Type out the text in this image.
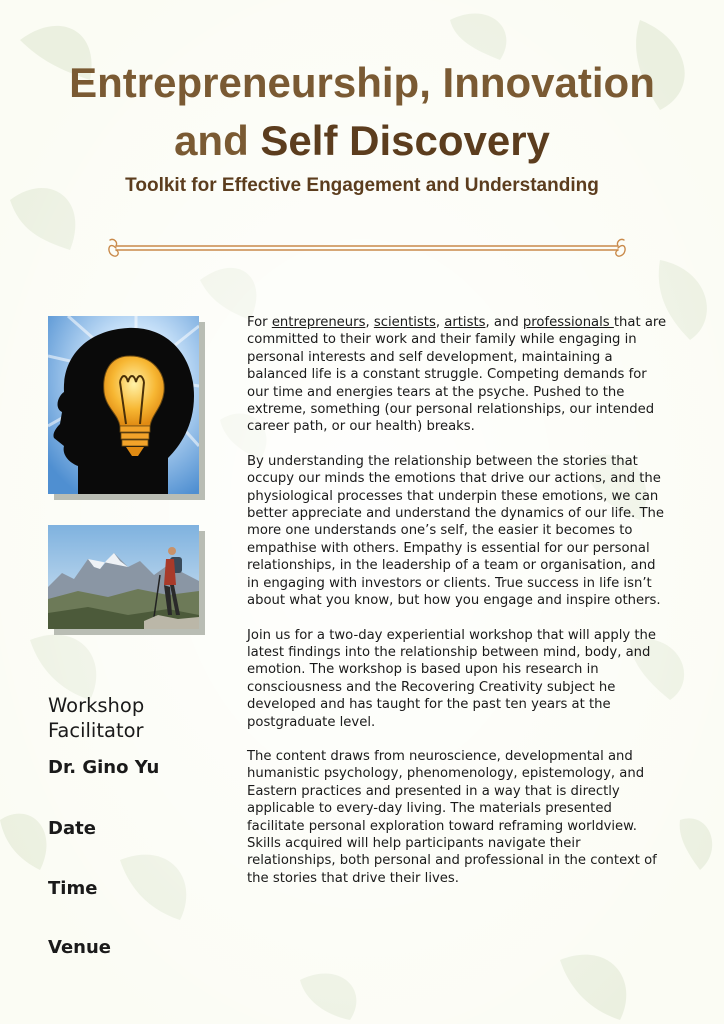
Entrepreneurship, Innovation
and Self Discovery
Toolkit for Effective Engagement and Understanding

For entrepreneurs, scientists, artists, and professionals that are committed to their work and their family while engaging in personal interests and self development, maintaining a balanced life is a constant struggle. Competing demands for our time and energies tears at the psyche. Pushed to the extreme, something (our personal relationships, our intended career path, or our health) breaks.

By understanding the relationship between the stories that occupy our minds the emotions that drive our actions, and the physiological processes that underpin these emotions, we can better appreciate and understand the dynamics of our life. The more one understands one’s self, the easier it becomes to empathise with others. Empathy is essential for our personal relationships, in the leadership of a team or organisation, and in engaging with investors or clients. True success in life isn’t about what you know, but how you engage and inspire others.

Join us for a two-day experiential workshop that will apply the latest findings into the relationship between mind, body, and emotion. The workshop is based upon his research in consciousness and the Recovering Creativity subject he developed and has taught for the past ten years at the postgraduate level.

The content draws from neuroscience, developmental and humanistic psychology, phenomenology, epistemology, and Eastern practices and presented in a way that is directly applicable to every-day living. The materials presented facilitate personal exploration toward reframing worldview. Skills acquired will help participants navigate their relationships, both personal and professional in the context of the stories that drive their lives.

Workshop Facilitator
Dr. Gino Yu
Date
Time
Venue
